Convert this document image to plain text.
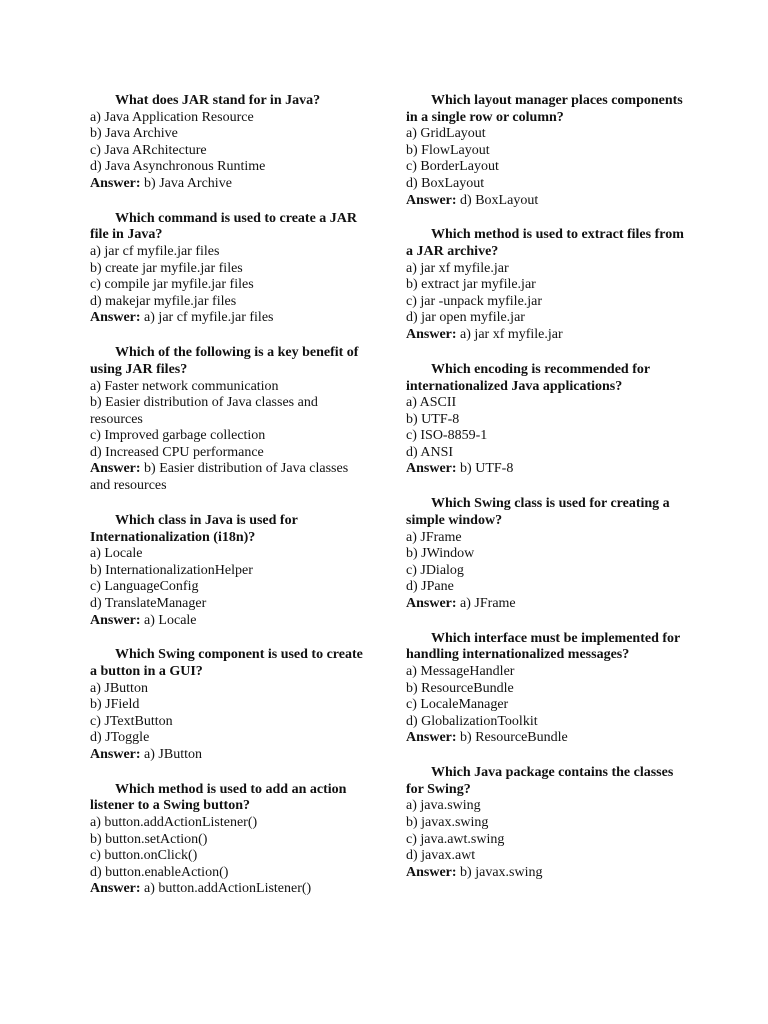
What does JAR stand for in Java?

a) Java Application Resource

b) Java Archive

c) Java ARchitecture

d) Java Asynchronous Runtime

Answer: b) Java Archive

Which command is used to create a JAR file in Java?

a) jar cf myfile.jar files

b) create jar myfile.jar files

c) compile jar myfile.jar files

d) makejar myfile.jar files

Answer: a) jar cf myfile.jar files

Which of the following is a key benefit of using JAR files?

a) Faster network communication

b) Easier distribution of Java classes and resources

c) Improved garbage collection

d) Increased CPU performance

Answer: b) Easier distribution of Java classes and resources

Which class in Java is used for Internationalization (i18n)?

a) Locale

b) InternationalizationHelper

c) LanguageConfig

d) TranslateManager

Answer: a) Locale

Which Swing component is used to create a button in a GUI?

a) JButton

b) JField

c) JTextButton

d) JToggle

Answer: a) JButton

Which method is used to add an action listener to a Swing button?

a) button.addActionListener()

b) button.setAction()

c) button.onClick()

d) button.enableAction()

Answer: a) button.addActionListener()

Which layout manager places components in a single row or column?

a) GridLayout

b) FlowLayout

c) BorderLayout

d) BoxLayout

Answer: d) BoxLayout

Which method is used to extract files from a JAR archive?

a) jar xf myfile.jar

b) extract jar myfile.jar

c) jar -unpack myfile.jar

d) jar open myfile.jar

Answer: a) jar xf myfile.jar

Which encoding is recommended for internationalized Java applications?

a) ASCII

b) UTF-8

c) ISO-8859-1

d) ANSI

Answer: b) UTF-8

Which Swing class is used for creating a simple window?

a) JFrame

b) JWindow

c) JDialog

d) JPane

Answer: a) JFrame

Which interface must be implemented for handling internationalized messages?

a) MessageHandler

b) ResourceBundle

c) LocaleManager

d) GlobalizationToolkit

Answer: b) ResourceBundle

Which Java package contains the classes for Swing?

a) java.swing

b) javax.swing

c) java.awt.swing

d) javax.awt

Answer: b) javax.swing
